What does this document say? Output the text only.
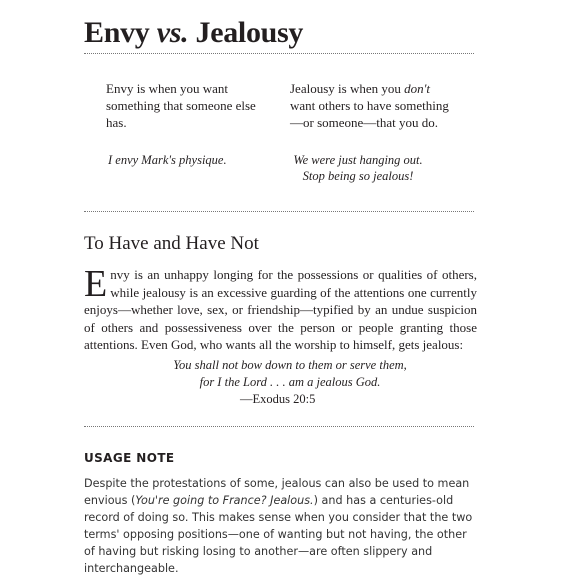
Envy vs. Jealousy
Envy is when you want something that someone else has.
Jealousy is when you don't want others to have something—or someone—that you do.
I envy Mark's physique.	We were just hanging out.
Stop being so jealous!
To Have and Have Not
Envy is an unhappy longing for the possessions or qualities of others, while jealousy is an excessive guarding of the attentions one currently enjoys—whether love, sex, or friendship—typified by an undue suspicion of others and possessiveness over the person or people granting those attentions. Even God, who wants all the worship to himself, gets jealous:
You shall not bow down to them or serve them,
for I the Lord . . . am a jealous God.
—Exodus 20:5
USAGE NOTE
Despite the protestations of some, jealous can also be used to mean envious (You're going to France? Jealous.) and has a centuries-old record of doing so. This makes sense when you consider that the two terms' opposing positions—one of wanting but not having, the other of having but risking losing to another—are often slippery and interchangeable.
